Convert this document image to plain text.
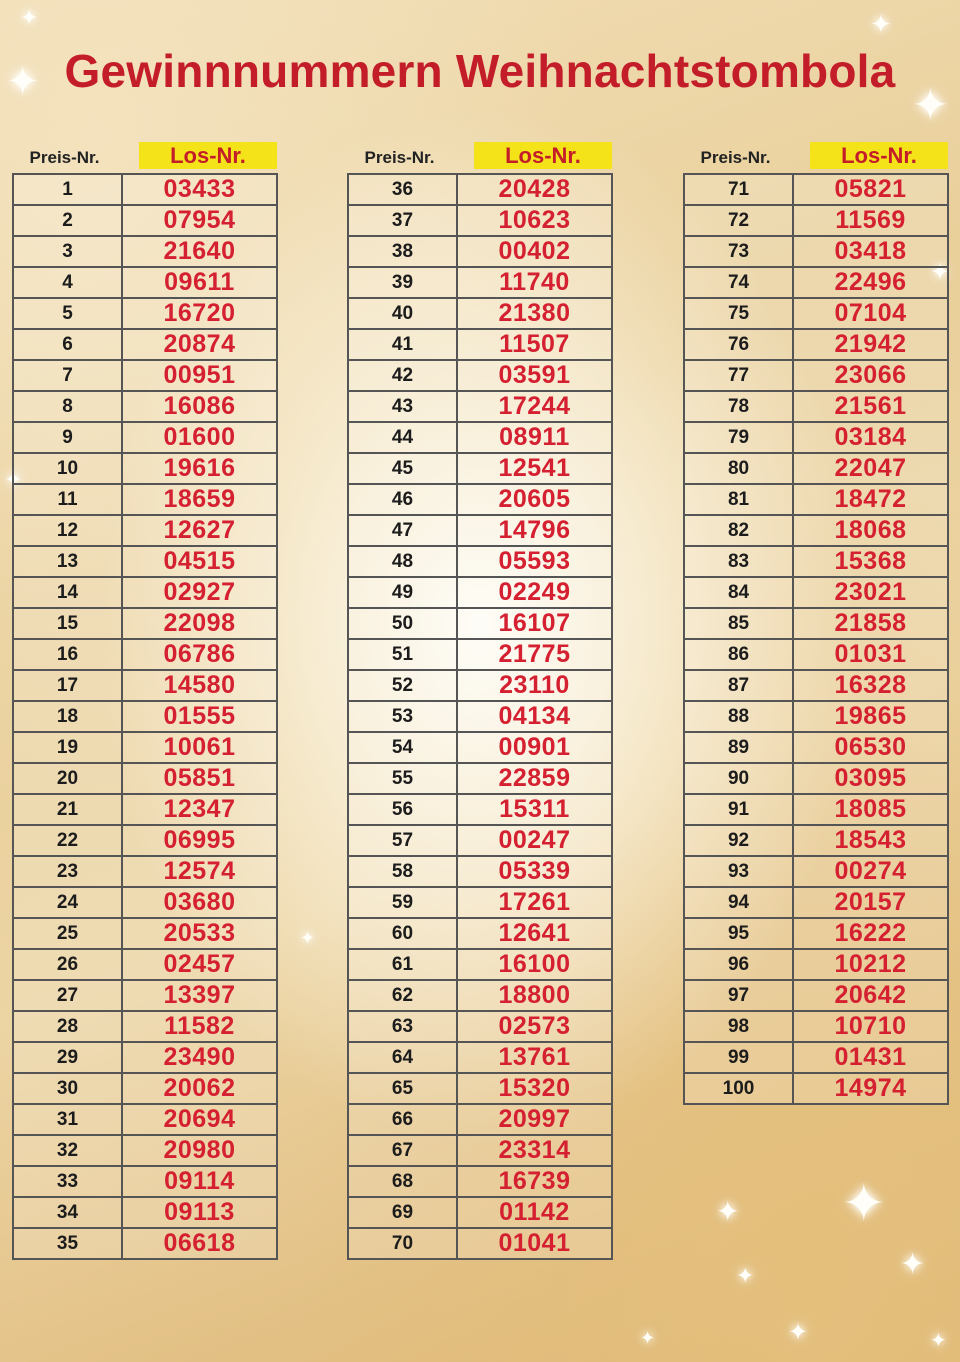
✦
✦	✦
✦
✦
✦
✦
✦
✦
✦
✦
✦	✦	✦
Gewinnnummern Weihnachtstombola
Preis-Nr.	Los-Nr.
1	03433
2	07954
3	21640
4	09611
5	16720
6	20874
7	00951
8	16086
9	01600
10	19616
11	18659
12	12627
13	04515
14	02927
15	22098
16	06786
17	14580
18	01555
19	10061
20	05851
21	12347
22	06995
23	12574
24	03680
25	20533
26	02457
27	13397
28	11582
29	23490
30	20062
31	20694
32	20980
33	09114
34	09113
35	06618
Preis-Nr.	Los-Nr.
36	20428
37	10623
38	00402
39	11740
40	21380
41	11507
42	03591
43	17244
44	08911
45	12541
46	20605
47	14796
48	05593
49	02249
50	16107
51	21775
52	23110
53	04134
54	00901
55	22859
56	15311
57	00247
58	05339
59	17261
60	12641
61	16100
62	18800
63	02573
64	13761
65	15320
66	20997
67	23314
68	16739
69	01142
70	01041
Preis-Nr.	Los-Nr.
71	05821
72	11569
73	03418
74	22496
75	07104
76	21942
77	23066
78	21561
79	03184
80	22047
81	18472
82	18068
83	15368
84	23021
85	21858
86	01031
87	16328
88	19865
89	06530
90	03095
91	18085
92	18543
93	00274
94	20157
95	16222
96	10212
97	20642
98	10710
99	01431
100	14974
